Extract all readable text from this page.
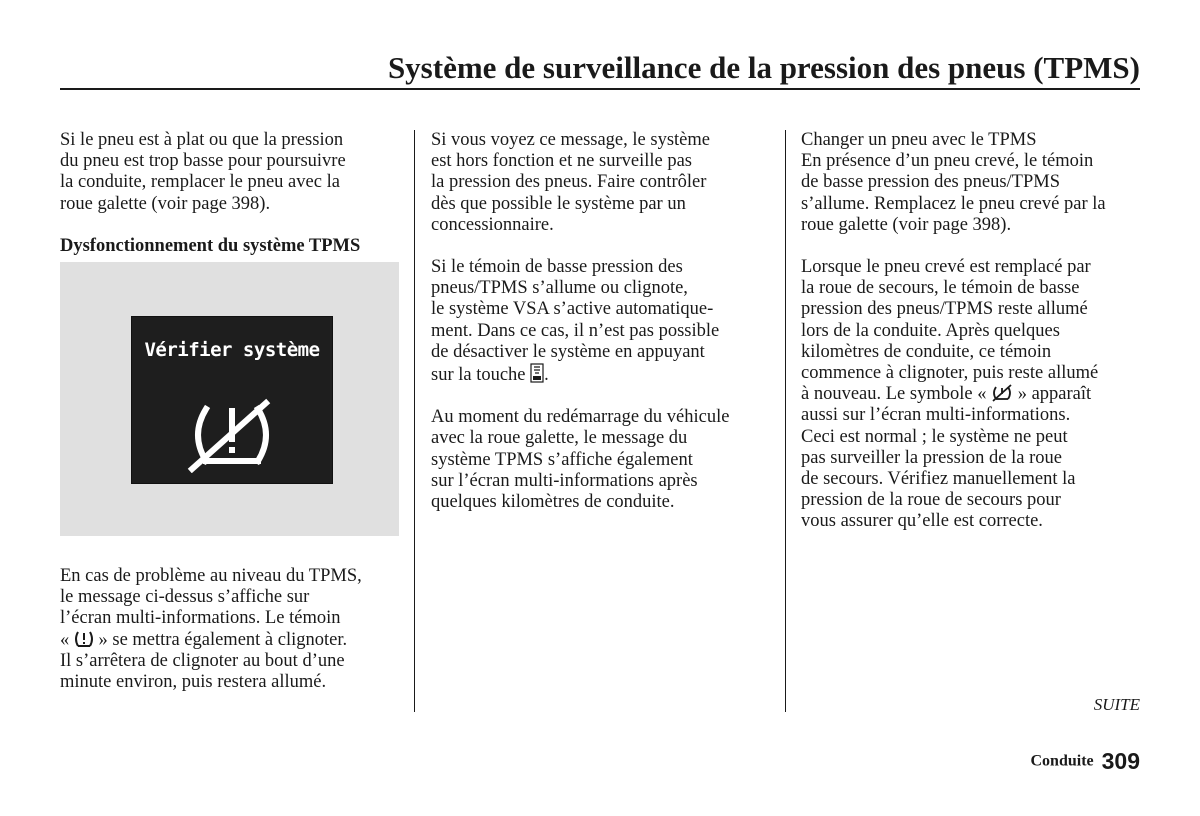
Système de surveillance de la pression des pneus (TPMS)

Si le pneu est à plat ou que la pression
du pneu est trop basse pour poursuivre
la conduite, remplacer le pneu avec la
roue galette (voir page 398).

Dysfonctionnement du système TPMS

Vérifier système

En cas de problème au niveau du TPMS,
le message ci-dessus s’affiche sur
l’écran multi-informations. Le témoin
«  » se mettra également à clignoter.
Il s’arrêtera de clignoter au bout d’une
minute environ, puis restera allumé.

Si vous voyez ce message, le système
est hors fonction et ne surveille pas
la pression des pneus. Faire contrôler
dès que possible le système par un
concessionnaire.

Si le témoin de basse pression des
pneus/TPMS s’allume ou clignote,
le système VSA s’active automatique-
ment. Dans ce cas, il n’est pas possible
de désactiver le système en appuyant
sur la touche .

Au moment du redémarrage du véhicule
avec la roue galette, le message du
système TPMS s’affiche également
sur l’écran multi-informations après
quelques kilomètres de conduite.

Changer un pneu avec le TPMS
En présence d’un pneu crevé, le témoin
de basse pression des pneus/TPMS
s’allume. Remplacez le pneu crevé par la
roue galette (voir page 398).

Lorsque le pneu crevé est remplacé par
la roue de secours, le témoin de basse
pression des pneus/TPMS reste allumé
lors de la conduite. Après quelques
kilomètres de conduite, ce témoin
commence à clignoter, puis reste allumé
à nouveau. Le symbole «  » apparaît
aussi sur l’écran multi-informations.
Ceci est normal ; le système ne peut
pas surveiller la pression de la roue
de secours. Vérifiez manuellement la
pression de la roue de secours pour
vous assurer qu’elle est correcte.

SUITE
Conduite 309
